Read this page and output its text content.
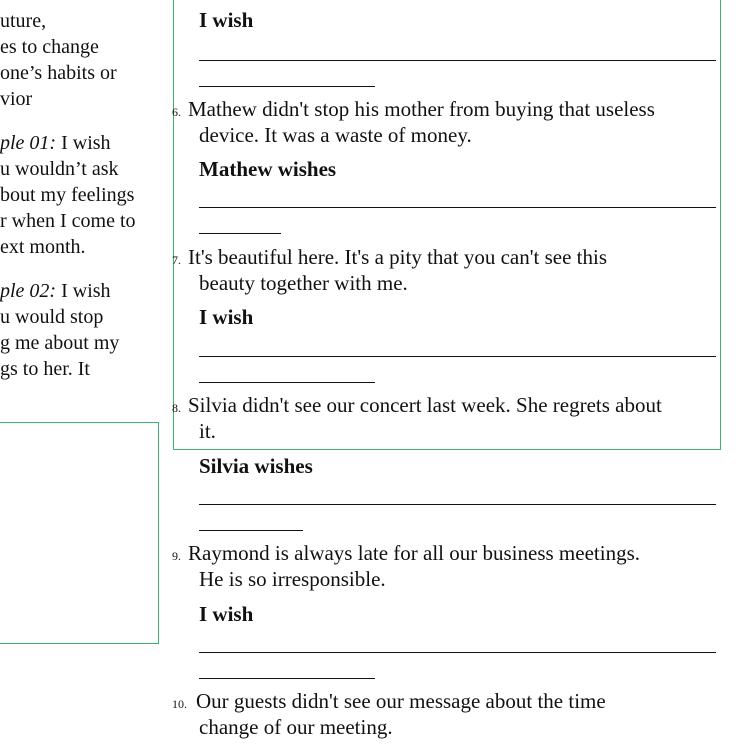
uture,
es to change
one’s habits or
vior
ple 01: I wish
u wouldn’t ask
bout my feelings
r when I come to
ext month.
ple 02: I wish
u would stop
g me about my
gs to her. It
I wish
6. Mathew didn't stop his mother from buying that useless
device. It was a waste of money.
Mathew wishes
7. It's beautiful here. It's a pity that you can't see this
beauty together with me.
I wish
8. Silvia didn't see our concert last week. She regrets about
it.
Silvia wishes
9. Raymond is always late for all our business meetings.
He is so irresponsible.
I wish
10. Our guests didn't see our message about the time
change of our meeting.
